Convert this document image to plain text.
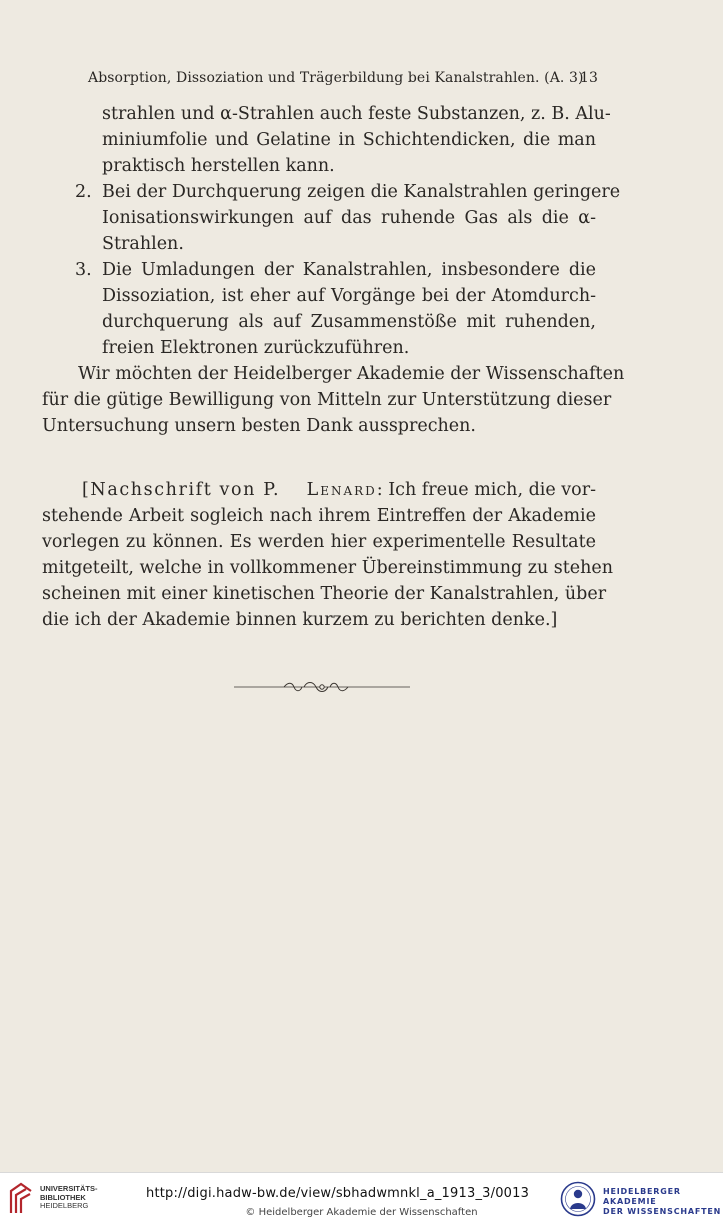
Absorption, Dissoziation und Trägerbildung bei Kanalstrahlen. (A. 3)
13
strahlen und α-Strahlen auch feste Substanzen, z. B. Alu-
miniumfolie und Gelatine in Schichtendicken, die man
praktisch herstellen kann.
2. Bei der Durchquerung zeigen die Kanalstrahlen geringere
Ionisationswirkungen auf das ruhende Gas als die α-
Strahlen.
3. Die Umladungen der Kanalstrahlen, insbesondere die
Dissoziation, ist eher auf Vorgänge bei der Atomdurch-
durchquerung als auf Zusammenstöße mit ruhenden,
freien Elektronen zurückzuführen.
Wir möchten der Heidelberger Akademie der Wissenschaften
für die gütige Bewilligung von Mitteln zur Unterstützung dieser
Untersuchung unsern besten Dank aussprechen.
[Nachschrift von P. Lenard : Ich freue mich, die vor-
stehende Arbeit sogleich nach ihrem Eintreffen der Akademie
vorlegen zu können. Es werden hier experimentelle Resultate
mitgeteilt, welche in vollkommener Übereinstimmung zu stehen
scheinen mit einer kinetischen Theorie der Kanalstrahlen, über
die ich der Akademie binnen kurzem zu berichten denke.]
UNIVERSITÄTS-
BIBLIOTHEK
HEIDELBERG
http://digi.hadw-bw.de/view/sbhadwmnkl_a_1913_3/0013
© Heidelberger Akademie der Wissenschaften
HEIDELBERGER AKADEMIE
DER WISSENSCHAFTEN
